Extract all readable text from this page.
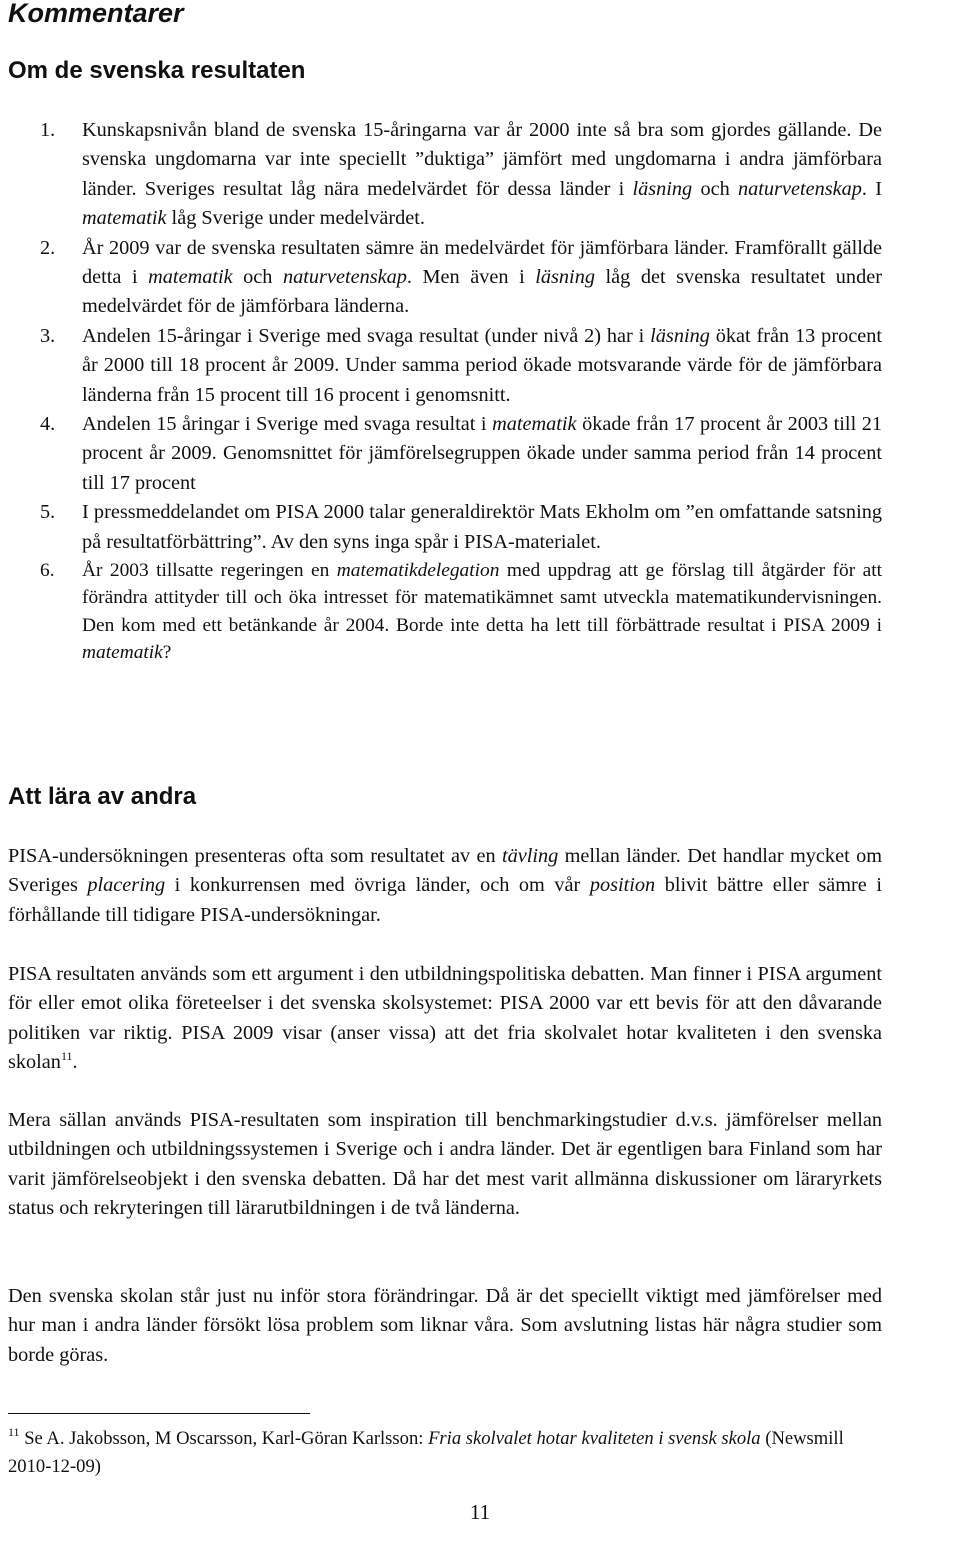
Kommentarer
Om de svenska resultaten
1. Kunskapsnivån bland de svenska 15-åringarna var år 2000 inte så bra som gjordes gällande. De svenska ungdomarna var inte speciellt ”duktiga” jämfört med ungdomarna i andra jämförbara länder. Sveriges resultat låg nära medelvärdet för dessa länder i läsning och naturvetenskap. I matematik låg Sverige under medelvärdet.
2. År 2009 var de svenska resultaten sämre än medelvärdet för jämförbara länder. Framförallt gällde detta i matematik och naturvetenskap. Men även i läsning låg det svenska resultatet under medelvärdet för de jämförbara länderna.
3. Andelen 15-åringar i Sverige med svaga resultat (under nivå 2) har i läsning ökat från 13 procent år 2000 till 18 procent år 2009. Under samma period ökade motsvarande värde för de jämförbara länderna från 15 procent till 16 procent i genomsnitt.
4. Andelen 15 åringar i Sverige med svaga resultat i matematik ökade från 17 procent år 2003 till 21 procent år 2009. Genomsnittet för jämförelsegruppen ökade under samma period från 14 procent till 17 procent
5. I pressmeddelandet om PISA 2000 talar generaldirektör Mats Ekholm om ”en omfattande satsning på resultatförbättring”. Av den syns inga spår i PISA-materialet.
6. År 2003 tillsatte regeringen en matematikdelegation med uppdrag att ge förslag till åtgärder för att förändra attityder till och öka intresset för matematikämnet samt utveckla matematikundervisningen. Den kom med ett betänkande år 2004. Borde inte detta ha lett till förbättrade resultat i PISA 2009 i matematik?
Att lära av andra

PISA-undersökningen presenteras ofta som resultatet av en tävling mellan länder. Det handlar mycket om Sveriges placering i konkurrensen med övriga länder, och om vår position blivit bättre eller sämre i förhållande till tidigare PISA-undersökningar.

PISA resultaten används som ett argument i den utbildningspolitiska debatten. Man finner i PISA argument för eller emot olika företeelser i det svenska skolsystemet: PISA 2000 var ett bevis för att den dåvarande politiken var riktig. PISA 2009 visar (anser vissa) att det fria skolvalet hotar kvaliteten i den svenska skolan$^{11}$.

Mera sällan används PISA-resultaten som inspiration till benchmarkingstudier d.v.s. jämförelser mellan utbildningen och utbildningssystemen i Sverige och i andra länder. Det är egentligen bara Finland som har varit jämförelseobjekt i den svenska debatten. Då har det mest varit allmänna diskussioner om läraryrkets status och rekryteringen till lärarutbildningen i de två länderna.

Den svenska skolan står just nu inför stora förändringar. Då är det speciellt viktigt med jämförelser med hur man i andra länder försökt lösa problem som liknar våra. Som avslutning listas här några studier som borde göras.

$^{11}$ Se A. Jakobsson, M Oscarsson, Karl-Göran Karlsson: Fria skolvalet hotar kvaliteten i svensk skola (Newsmill
2010-12-09)

11
